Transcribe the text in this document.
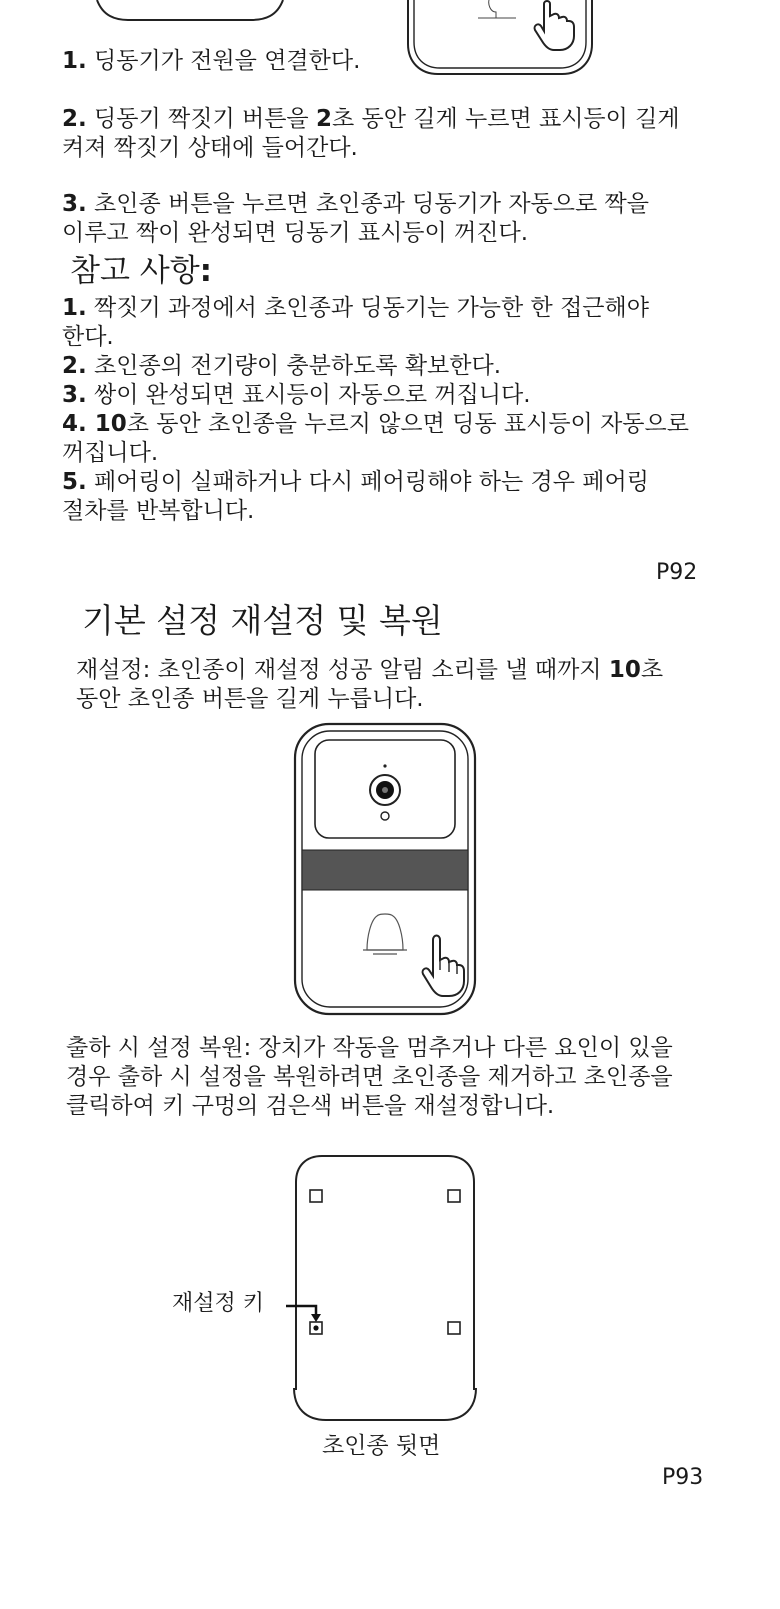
1. 딩동기가 전원을 연결한다.

2. 딩동기 짝짓기 버튼을 2초 동안 길게 누르면 표시등이 길게

켜져 짝짓기 상태에 들어간다.

3. 초인종 버튼을 누르면 초인종과 딩동기가 자동으로 짝을

이루고 짝이 완성되면 딩동기 표시등이 꺼진다.

참고 사항:

1. 짝짓기 과정에서 초인종과 딩동기는 가능한 한 접근해야

한다.

2. 초인종의 전기량이 충분하도록 확보한다.

3. 쌍이 완성되면 표시등이 자동으로 꺼집니다.

4. 10초 동안 초인종을 누르지 않으면 딩동 표시등이 자동으로

꺼집니다.

5. 페어링이 실패하거나 다시 페어링해야 하는 경우 페어링

절차를 반복합니다.

P92
기본 설정 재설정 및 복원

재설정: 초인종이 재설정 성공 알림 소리를 낼 때까지 10초

동안 초인종 버튼을 길게 누릅니다.

출하 시 설정 복원: 장치가 작동을 멈추거나 다른 요인이 있을

경우 출하 시 설정을 복원하려면 초인종을 제거하고 초인종을

클릭하여 키 구멍의 검은색 버튼을 재설정합니다.

재설정 키
초인종 뒷면
P93
